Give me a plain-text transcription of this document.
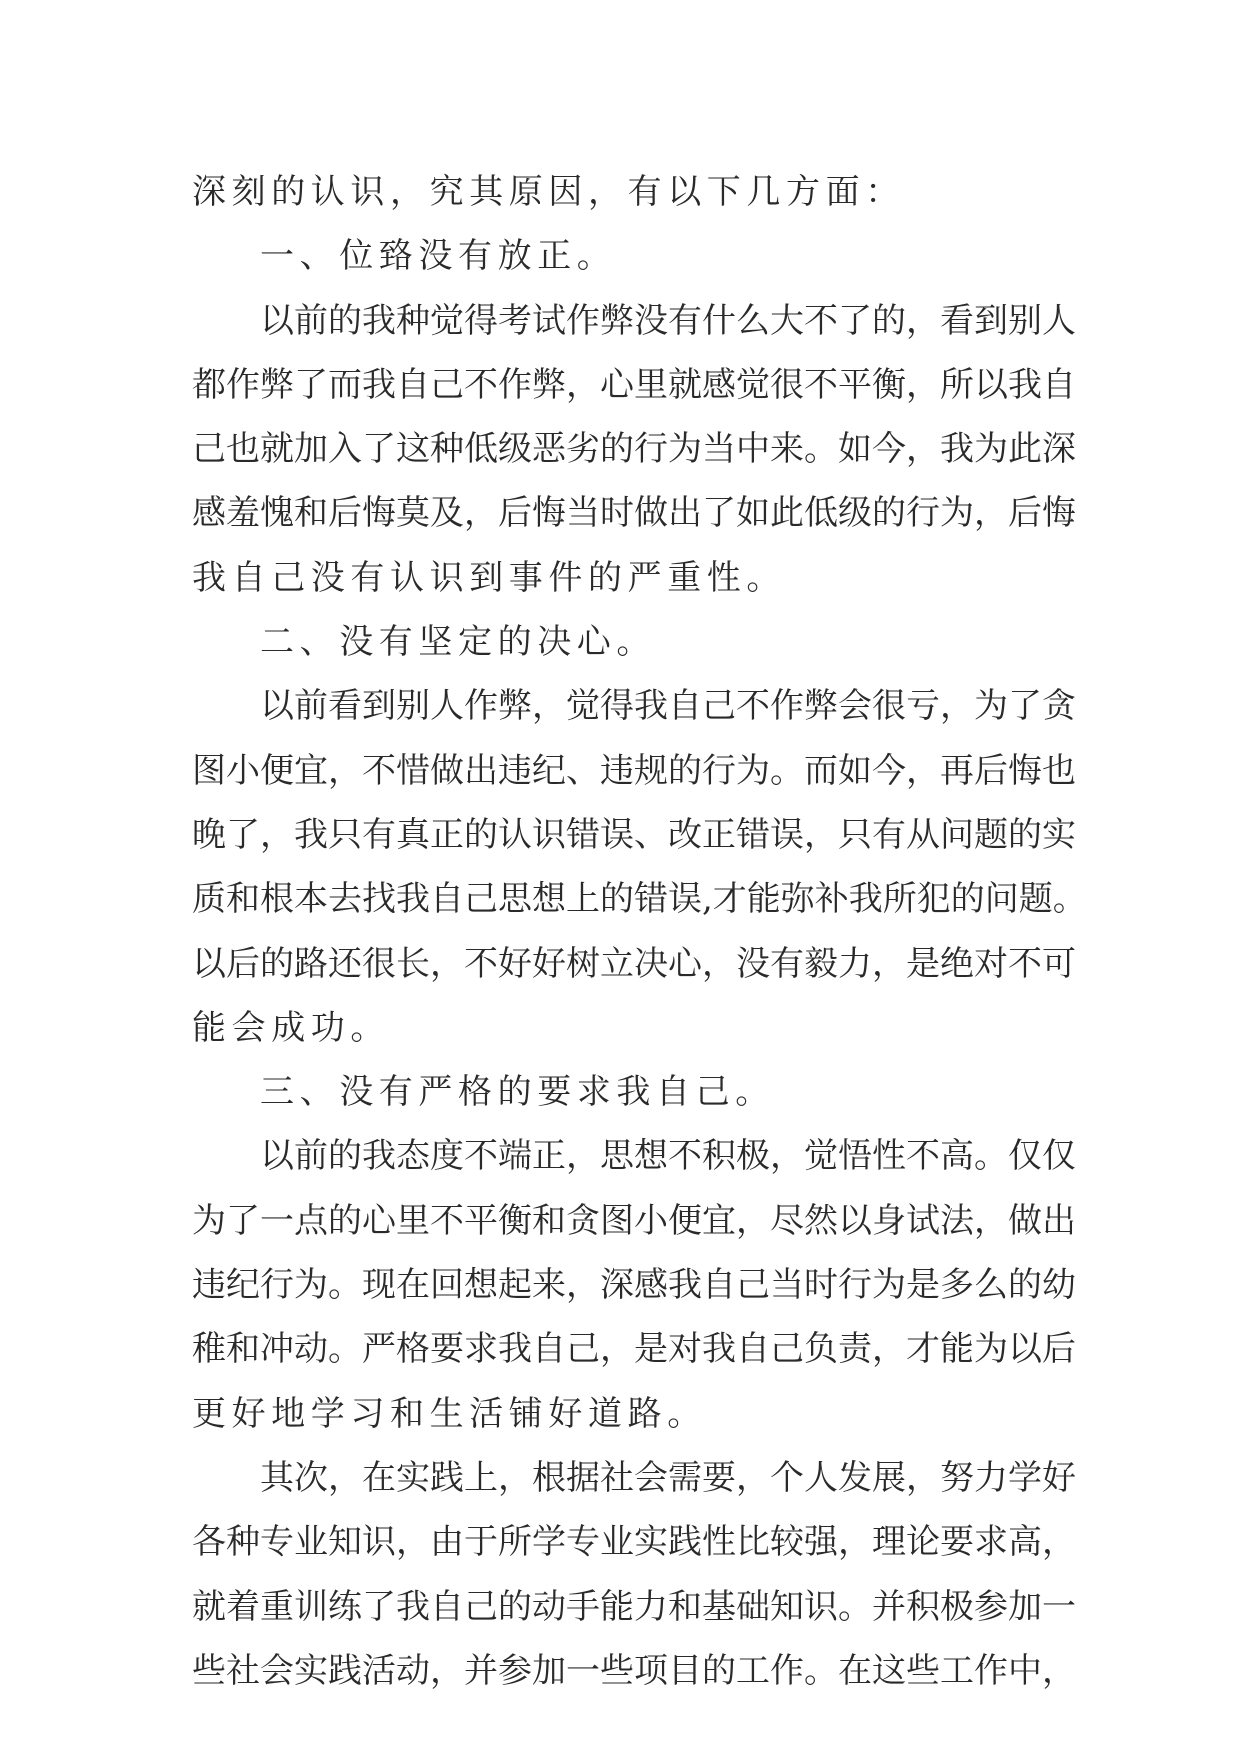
深刻的认识，究其原因，有以下几方面：
一、位臵没有放正。
以前的我种觉得考试作弊没有什么大不了的，看到别人
都作弊了而我自己不作弊，心里就感觉很不平衡，所以我自
己也就加入了这种低级恶劣的行为当中来。如今，我为此深
感羞愧和后悔莫及，后悔当时做出了如此低级的行为，后悔
我自己没有认识到事件的严重性。
二、没有坚定的决心。
以前看到别人作弊，觉得我自己不作弊会很亏，为了贪
图小便宜，不惜做出违纪、违规的行为。而如今，再后悔也
晚了，我只有真正的认识错误、改正错误，只有从问题的实
质和根本去找我自己思想上的错误,才能弥补我所犯的问题。
以后的路还很长，不好好树立决心，没有毅力，是绝对不可
能会成功。
三、没有严格的要求我自己。
以前的我态度不端正，思想不积极，觉悟性不高。仅仅
为了一点的心里不平衡和贪图小便宜，尽然以身试法，做出
违纪行为。现在回想起来，深感我自己当时行为是多么的幼
稚和冲动。严格要求我自己，是对我自己负责，才能为以后
更好地学习和生活铺好道路。
其次，在实践上，根据社会需要，个人发展，努力学好
各种专业知识，由于所学专业实践性比较强，理论要求高，
就着重训练了我自己的动手能力和基础知识。并积极参加一
些社会实践活动，并参加一些项目的工作。在这些工作中，
